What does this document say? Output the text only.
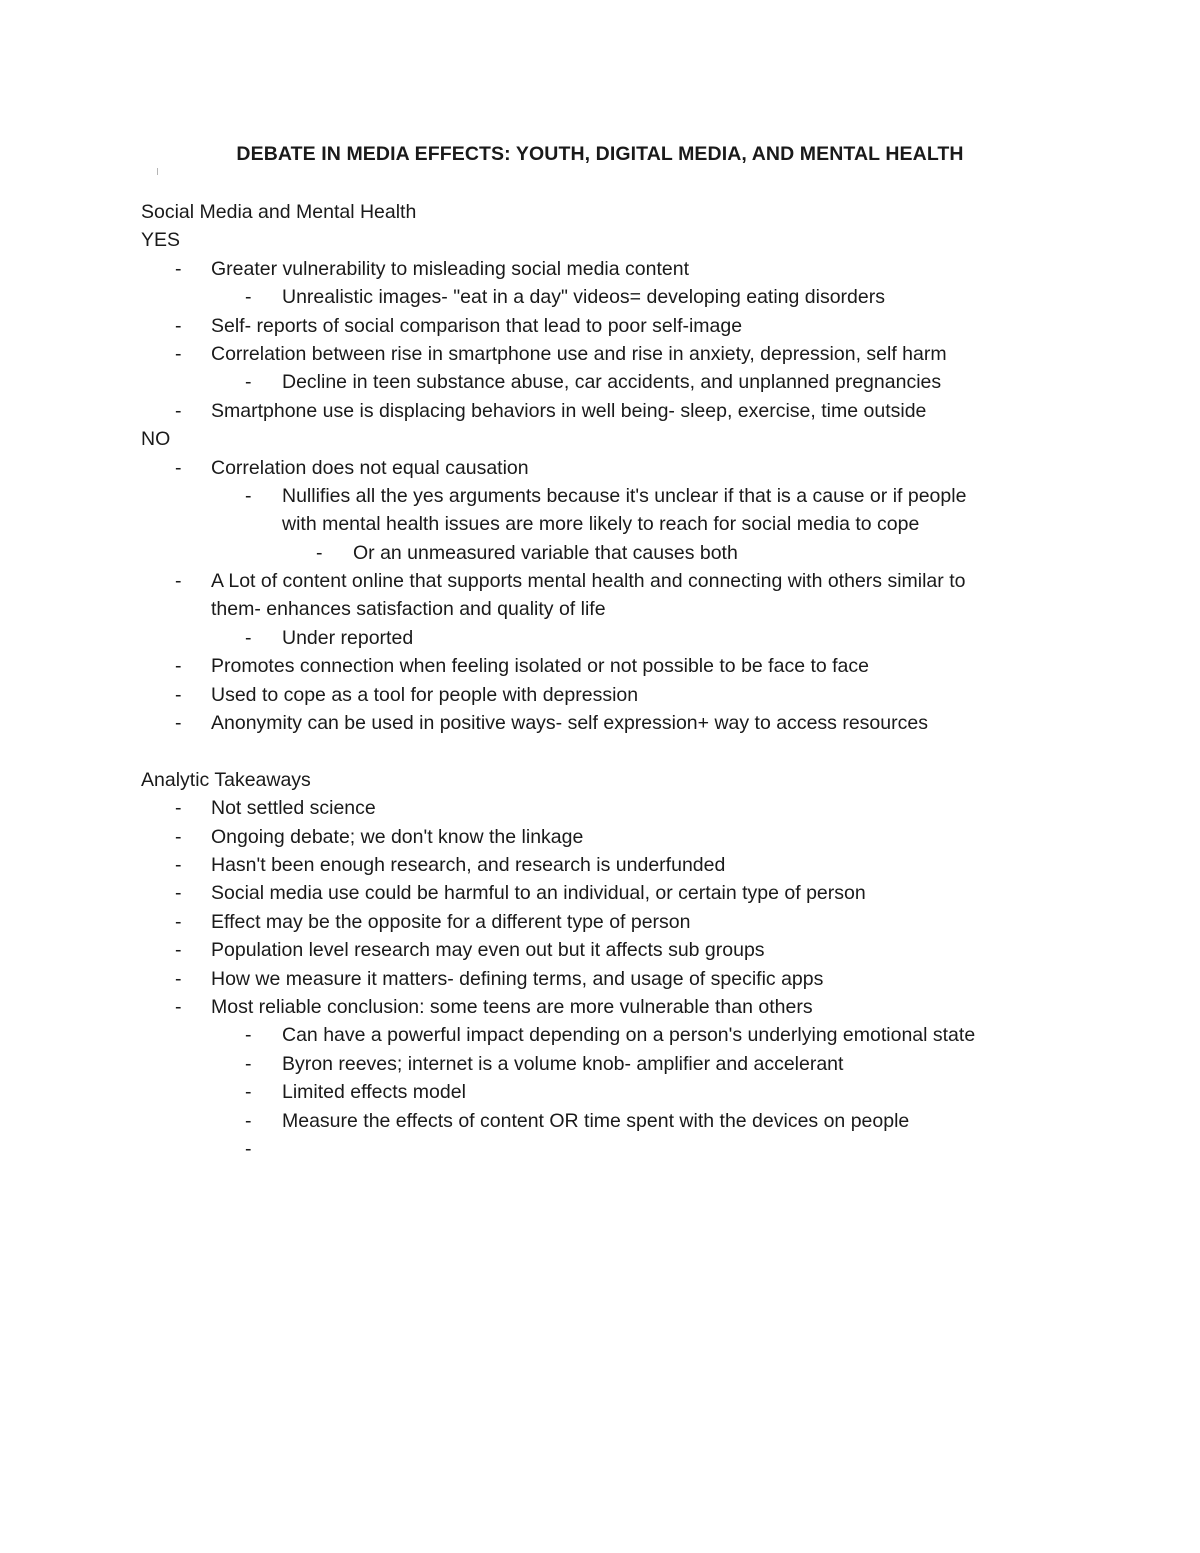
DEBATE IN MEDIA EFFECTS: YOUTH, DIGITAL MEDIA, AND MENTAL HEALTH
Social Media and Mental Health
YES
- Greater vulnerability to misleading social media content
- Unrealistic images- "eat in a day" videos= developing eating disorders
- Self- reports of social comparison that lead to poor self-image
- Correlation between rise in smartphone use and rise in anxiety, depression, self harm
- Decline in teen substance abuse, car accidents, and unplanned pregnancies
- Smartphone use is displacing behaviors in well being- sleep, exercise, time outside
NO
- Correlation does not equal causation
- Nullifies all the yes arguments because it's unclear if that is a cause or if people
with mental health issues are more likely to reach for social media to cope
- Or an unmeasured variable that causes both
- A Lot of content online that supports mental health and connecting with others similar to
them- enhances satisfaction and quality of life
- Under reported
- Promotes connection when feeling isolated or not possible to be face to face
- Used to cope as a tool for people with depression
- Anonymity can be used in positive ways- self expression+ way to access resources
Analytic Takeaways
- Not settled science
- Ongoing debate; we don't know the linkage
- Hasn't been enough research, and research is underfunded
- Social media use could be harmful to an individual, or certain type of person
- Effect may be the opposite for a different type of person
- Population level research may even out but it affects sub groups
- How we measure it matters- defining terms, and usage of specific apps
- Most reliable conclusion: some teens are more vulnerable than others
- Can have a powerful impact depending on a person's underlying emotional state
- Byron reeves; internet is a volume knob- amplifier and accelerant
- Limited effects model
- Measure the effects of content OR time spent with the devices on people
-
